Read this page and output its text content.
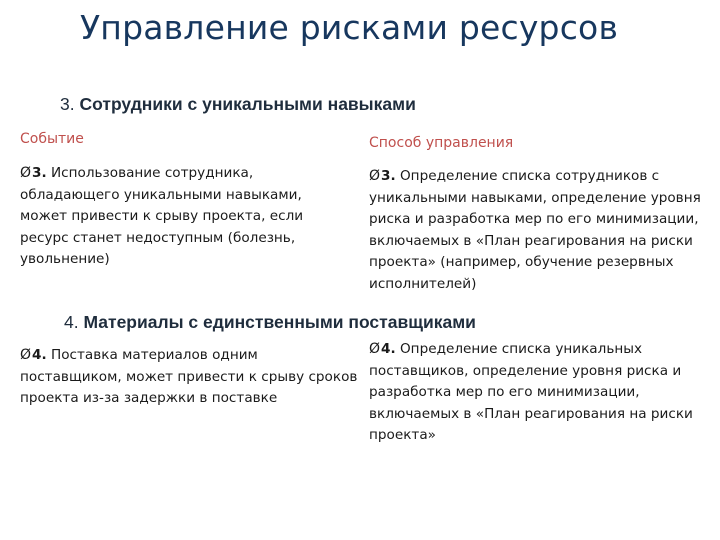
Управление рисками ресурсов
3. Сотрудники с уникальными навыками
Событие	Способ управления
Ø3. Использование сотрудника, обладающего уникальными навыками, может привести к срыву проекта, если ресурс станет недоступным (болезнь, увольнение)
Ø3. Определение списка сотрудников с уникальными навыками, определение уровня риска и разработка мер по его минимизации, включаемых в «План реагирования на риски проекта» (например, обучение резервных исполнителей)
4. Материалы с единственными поставщиками
Ø4. Поставка материалов одним поставщиком, может привести к срыву сроков проекта из-за задержки в поставке
Ø4. Определение списка уникальных поставщиков, определение уровня риска и разработка мер по его минимизации, включаемых в «План реагирования на риски проекта»
